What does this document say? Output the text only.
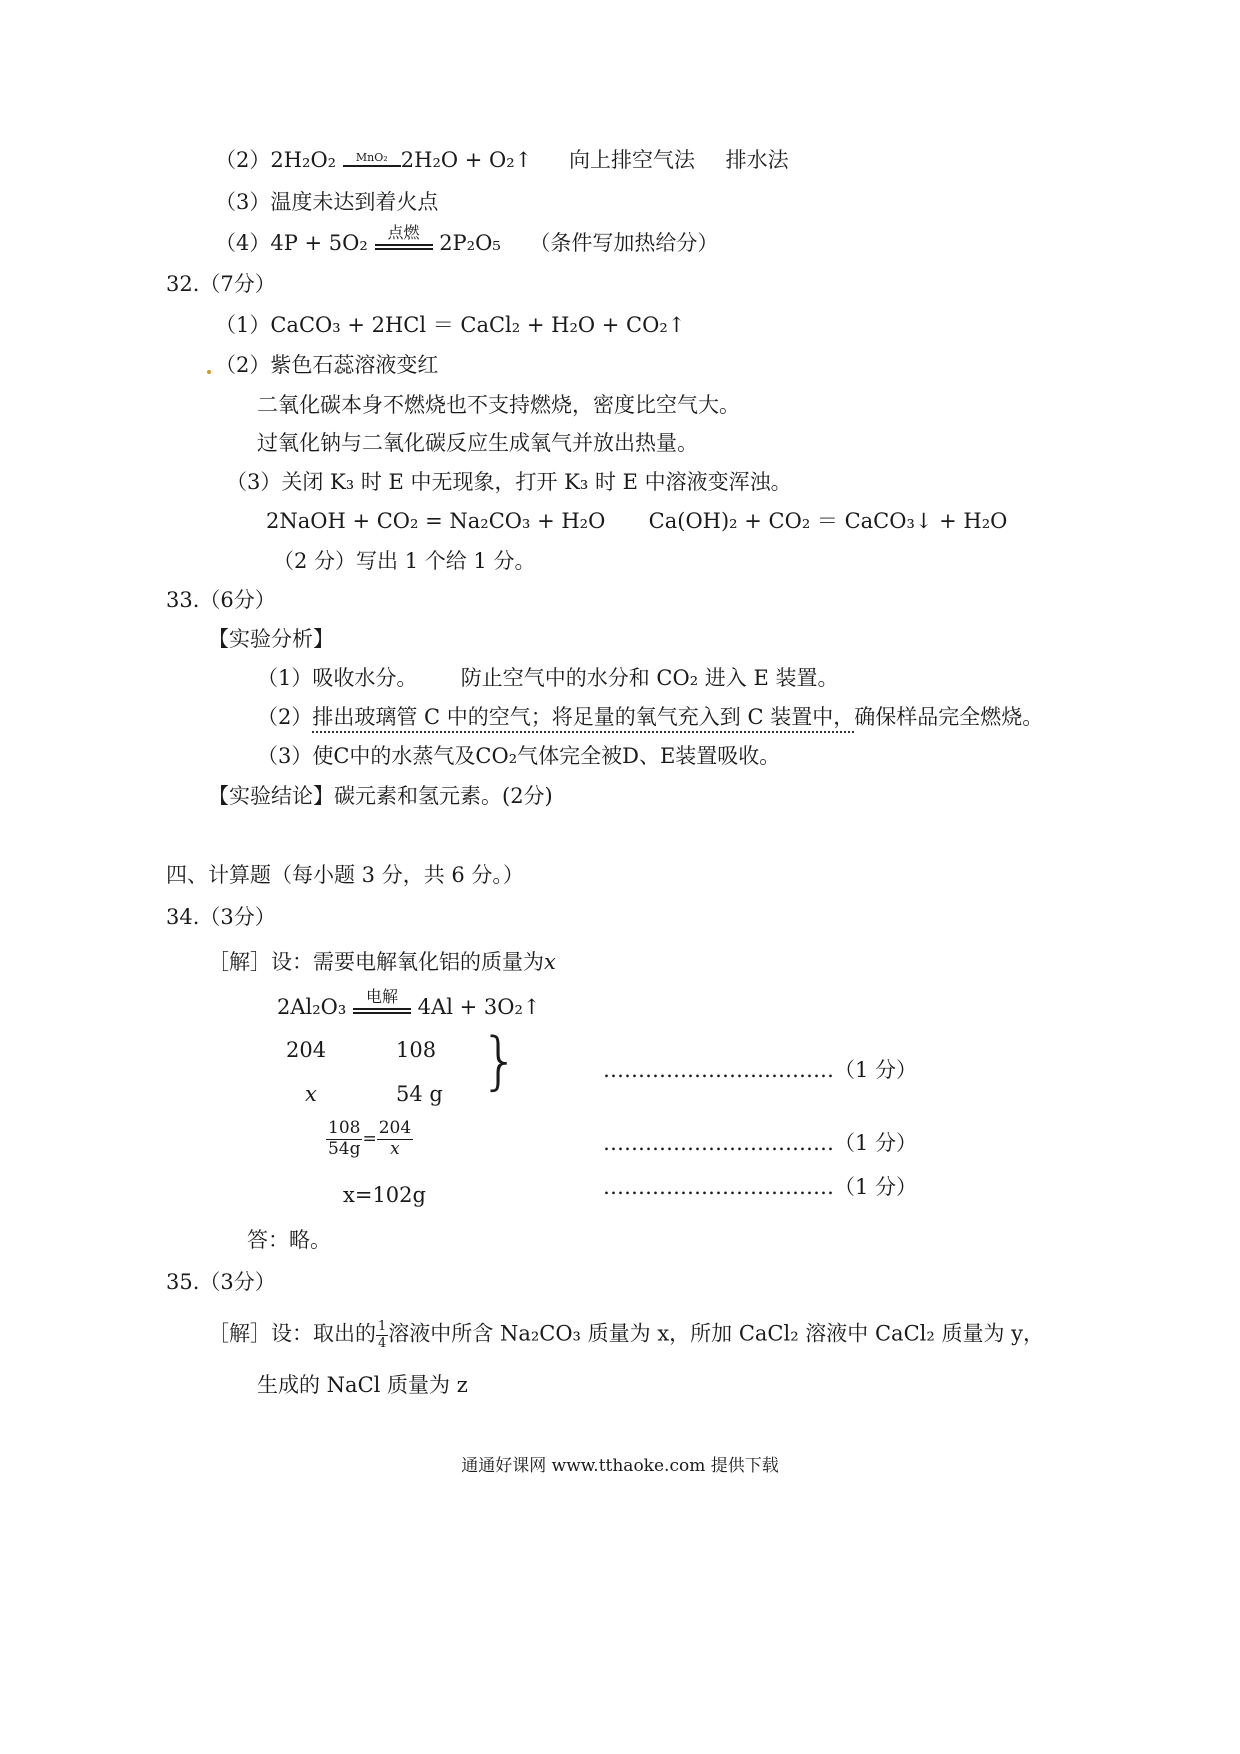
（2）2H₂O₂	MnO₂ 2H₂O + O₂↑ 向上排空气法 排水法
（3）温度未达到着火点
（4）4P + 5O₂	点燃 2P₂O₅ （条件写加热给分）
32.（7分）
（1）CaCO₃ + 2HCl ＝ CaCl₂ + H₂O + CO₂↑
（2）紫色石蕊溶液变红
二氧化碳本身不燃烧也不支持燃烧，密度比空气大。
过氧化钠与二氧化碳反应生成氧气并放出热量。
（3）关闭 K₃ 时 E 中无现象，打开 K₃ 时 E 中溶液变浑浊。
2NaOH + CO₂ = Na₂CO₃ + H₂O Ca(OH)₂ + CO₂ ＝ CaCO₃↓ + H₂O
（2 分）写出 1 个给 1 分。
33.（6分）
【实验分析】
（1）吸收水分。 防止空气中的水分和 CO₂ 进入 E 装置。
（2）排出玻璃管 C 中的空气；将足量的氧气充入到 C 装置中，确保样品完全燃烧。
（3）使C中的水蒸气及CO₂气体完全被D、E装置吸收。
【实验结论】碳元素和氢元素。(2分)
四、计算题（每小题 3 分，共 6 分。）
34.（3分）
［解］设：需要电解氧化铝的质量为x
2Al₂O₃	电解 4Al + 3O₂↑
204	108
x	54 g }	……………………………（1 分）
$\frac{108}{54g} = \frac{204}{x}$	……………………………（1 分）
x=102g	……………………………（1 分）
答：略。
35.（3分）
［解］设：取出的 $\frac{1}{4}$ 溶液中所含 Na₂CO₃ 质量为 x，所加 CaCl₂ 溶液中 CaCl₂ 质量为 y，
生成的 NaCl 质量为 z
通通好课网 www.tthaoke.com 提供下载
